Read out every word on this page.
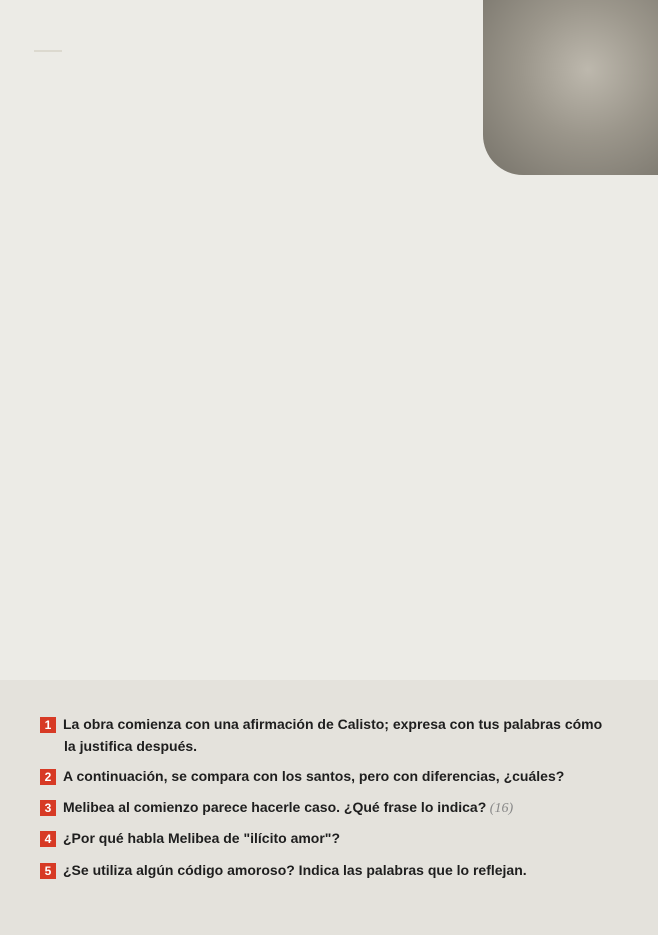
1 La obra comienza con una afirmación de Calisto; expresa con tus palabras cómo
la justifica después.
2 A continuación, se compara con los santos, pero con diferencias, ¿cuáles?
3 Melibea al comienzo parece hacerle caso. ¿Qué frase lo indica? (16)
4 ¿Por qué habla Melibea de "ilícito amor"?
5 ¿Se utiliza algún código amoroso? Indica las palabras que lo reflejan.
